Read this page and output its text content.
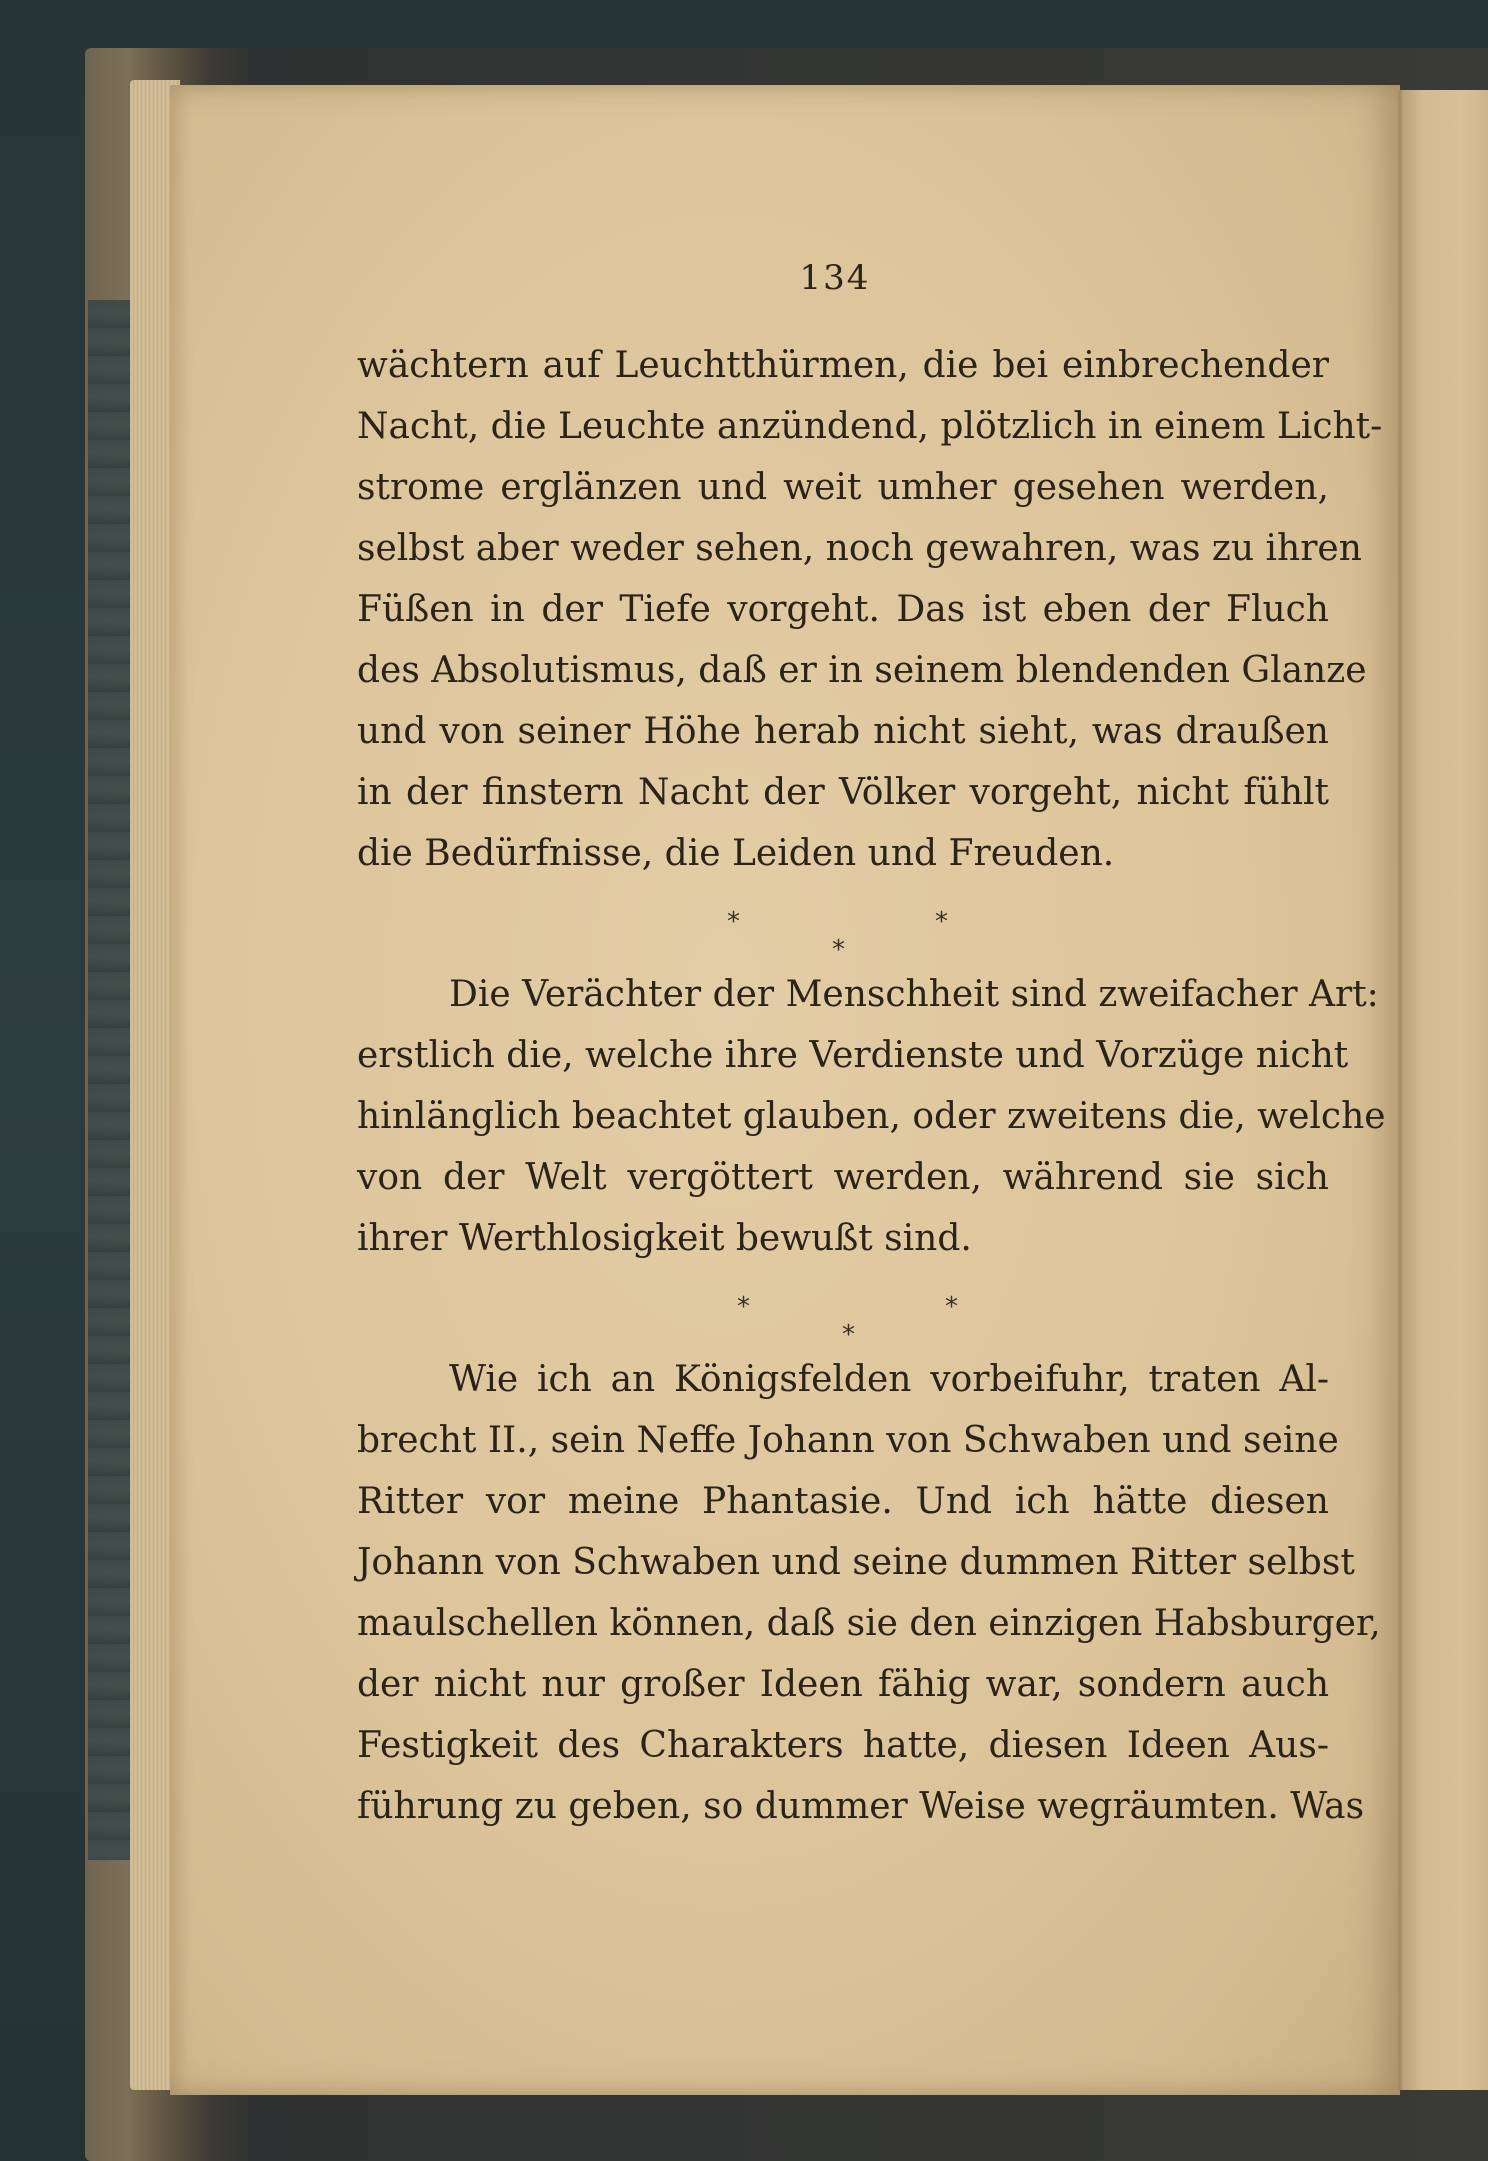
134
wächtern auf Leuchtthürmen, die bei einbrechender
Nacht, die Leuchte anzündend, plötzlich in einem Licht-
strome erglänzen und weit umher gesehen werden,
selbst aber weder sehen, noch gewahren, was zu ihren
Füßen in der Tiefe vorgeht. Das ist eben der Fluch
des Absolutismus, daß er in seinem blendenden Glanze
und von seiner Höhe herab nicht sieht, was draußen
in der finstern Nacht der Völker vorgeht, nicht fühlt
die Bedürfnisse, die Leiden und Freuden.
*	*
*
Die Verächter der Menschheit sind zweifacher Art:
erstlich die, welche ihre Verdienste und Vorzüge nicht
hinlänglich beachtet glauben, oder zweitens die, welche
von der Welt vergöttert werden, während sie sich
ihrer Werthlosigkeit bewußt sind.
*	*
*
Wie ich an Königsfelden vorbeifuhr, traten Al-
brecht II., sein Neffe Johann von Schwaben und seine
Ritter vor meine Phantasie. Und ich hätte diesen
Johann von Schwaben und seine dummen Ritter selbst
maulschellen können, daß sie den einzigen Habsburger,
der nicht nur großer Ideen fähig war, sondern auch
Festigkeit des Charakters hatte, diesen Ideen Aus-
führung zu geben, so dummer Weise wegräumten. Was
